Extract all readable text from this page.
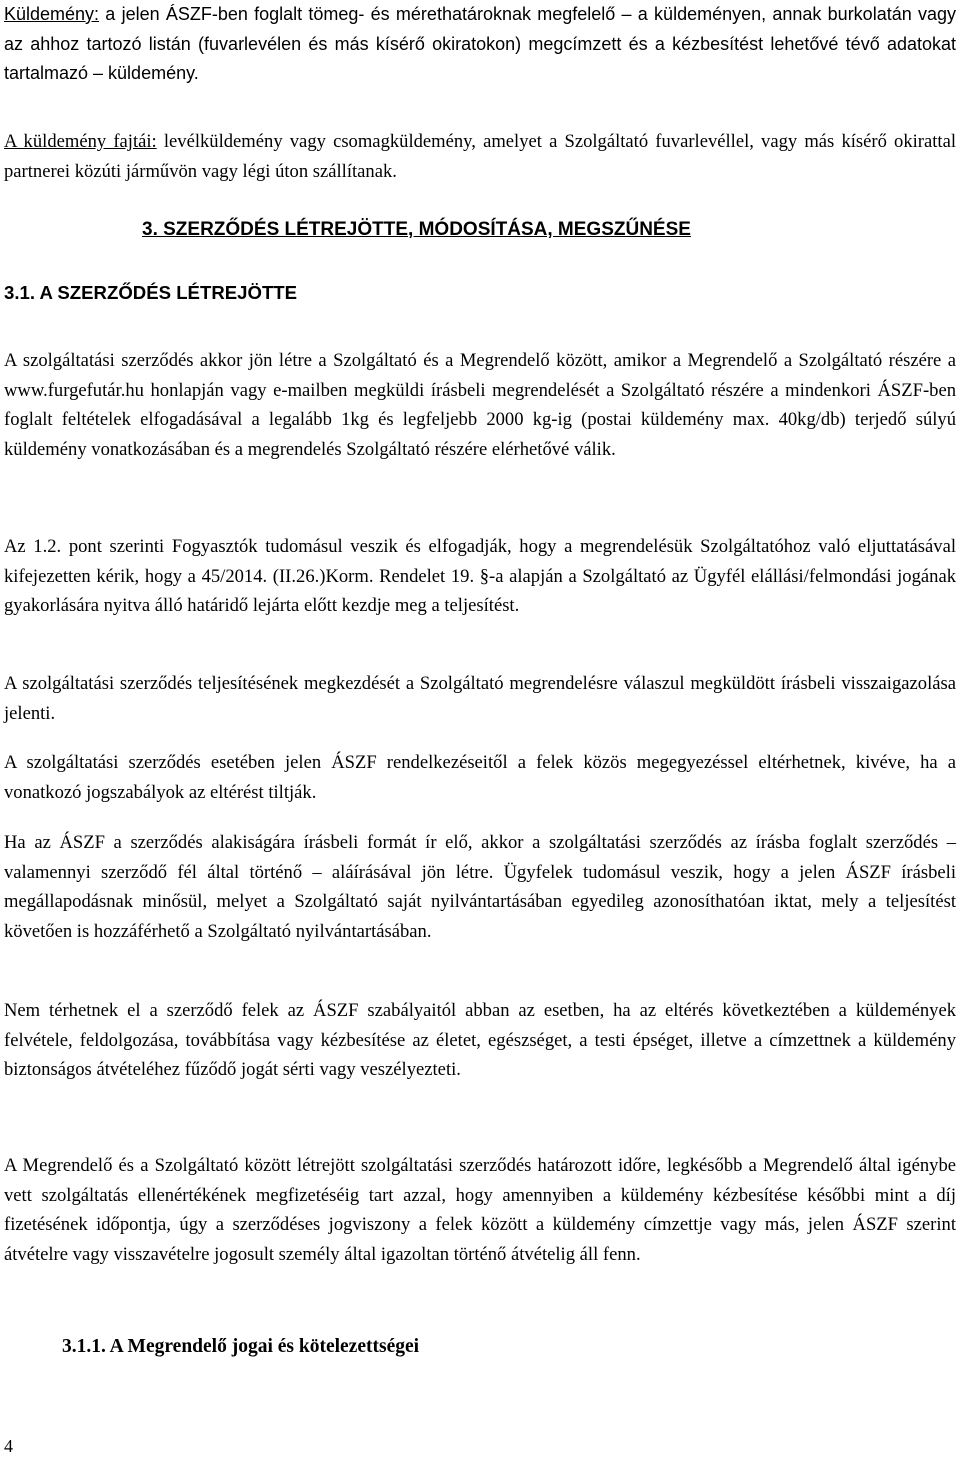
Küldemény: a jelen ÁSZF-ben foglalt tömeg- és mérethatároknak megfelelő – a küldeményen, annak burkolatán vagy az ahhoz tartozó listán (fuvarlevélen és más kísérő okiratokon) megcímzett és a kézbesítést lehetővé tévő adatokat tartalmazó – küldemény.

A küldemény fajtái: levélküldemény vagy csomagküldemény, amelyet a Szolgáltató fuvarlevéllel, vagy más kísérő okirattal partnerei közúti járművön vagy légi úton szállítanak.

3. SZERZŐDÉS LÉTREJÖTTE, MÓDOSÍTÁSA, MEGSZŰNÉSE
3.1. A SZERZŐDÉS LÉTREJÖTTE

A szolgáltatási szerződés akkor jön létre a Szolgáltató és a Megrendelő között, amikor a Megrendelő a Szolgáltató részére a www.furgefutár.hu honlapján vagy e-mailben megküldi írásbeli megrendelését a Szolgáltató részére a mindenkori ÁSZF-ben foglalt feltételek elfogadásával a legalább 1kg és legfeljebb 2000 kg-ig (postai küldemény max. 40kg/db) terjedő súlyú küldemény vonatkozásában és a megrendelés Szolgáltató részére elérhetővé válik.

Az 1.2. pont szerinti Fogyasztók tudomásul veszik és elfogadják, hogy a megrendelésük Szolgáltatóhoz való eljuttatásával kifejezetten kérik, hogy a 45/2014. (II.26.)Korm. Rendelet 19. §-a alapján a Szolgáltató az Ügyfél elállási/felmondási jogának gyakorlására nyitva álló határidő lejárta előtt kezdje meg a teljesítést.

A szolgáltatási szerződés teljesítésének megkezdését a Szolgáltató megrendelésre válaszul megküldött írásbeli visszaigazolása jelenti.

A szolgáltatási szerződés esetében jelen ÁSZF rendelkezéseitől a felek közös megegyezéssel eltérhetnek, kivéve, ha a vonatkozó jogszabályok az eltérést tiltják.

Ha az ÁSZF a szerződés alakiságára írásbeli formát ír elő, akkor a szolgáltatási szerződés az írásba foglalt szerződés – valamennyi szerződő fél által történő – aláírásával jön létre. Ügyfelek tudomásul veszik, hogy a jelen ÁSZF írásbeli megállapodásnak minősül, melyet a Szolgáltató saját nyilvántartásában egyedileg azonosíthatóan iktat, mely a teljesítést követően is hozzáférhető a Szolgáltató nyilvántartásában.

Nem térhetnek el a szerződő felek az ÁSZF szabályaitól abban az esetben, ha az eltérés következtében a küldemények felvétele, feldolgozása, továbbítása vagy kézbesítése az életet, egészséget, a testi épséget, illetve a címzettnek a küldemény biztonságos átvételéhez fűződő jogát sérti vagy veszélyezteti.

A Megrendelő és a Szolgáltató között létrejött szolgáltatási szerződés határozott időre, legkésőbb a Megrendelő által igénybe vett szolgáltatás ellenértékének megfizetéséig tart azzal, hogy amennyiben a küldemény kézbesítése későbbi mint a díj fizetésének időpontja, úgy a szerződéses jogviszony a felek között a küldemény címzettje vagy más, jelen ÁSZF szerint átvételre vagy visszavételre jogosult személy által igazoltan történő átvételig áll fenn.

3.1.1. A Megrendelő jogai és kötelezettségei
4
